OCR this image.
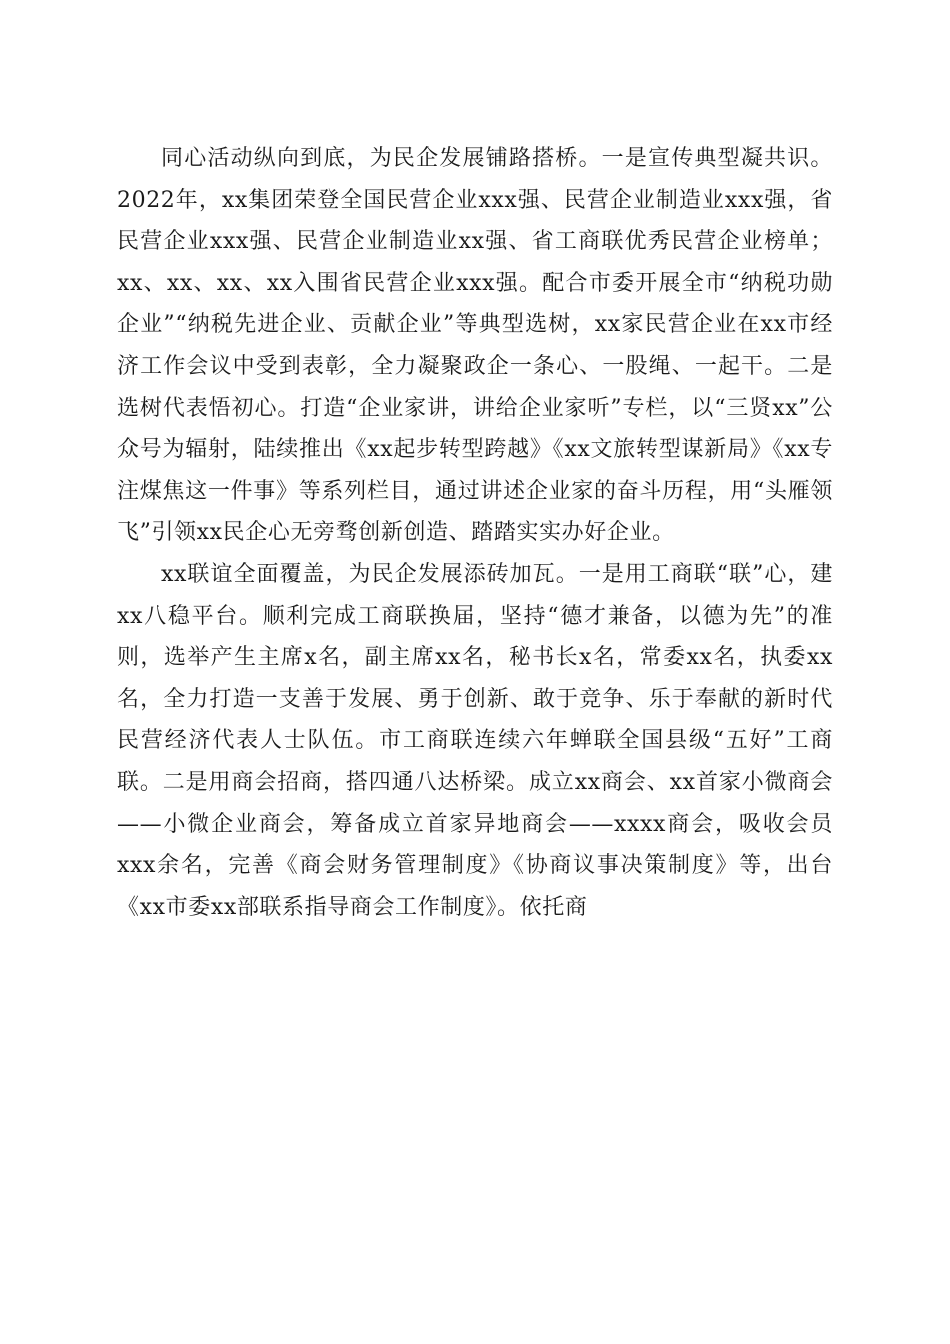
同心活动纵向到底，为民企发展铺路搭桥。一是宣传典型凝共识。2022年，xx集团荣登全国民营企业xxx强、民营企业制造业xxx强，省民营企业xxx强、民营企业制造业xx强、省工商联优秀民营企业榜单；xx、xx、xx、xx入围省民营企业xxx强。配合市委开展全市“纳税功勋企业”“纳税先进企业、贡献企业”等典型选树，xx家民营企业在xx市经济工作会议中受到表彰，全力凝聚政企一条心、一股绳、一起干。二是选树代表悟初心。打造“企业家讲，讲给企业家听”专栏，以“三贤xx”公众号为辐射，陆续推出《xx起步转型跨越》《xx文旅转型谋新局》《xx专注煤焦这一件事》等系列栏目，通过讲述企业家的奋斗历程，用“头雁领飞”引领xx民企心无旁骛创新创造、踏踏实实办好企业。

xx联谊全面覆盖，为民企发展添砖加瓦。一是用工商联“联”心，建xx八稳平台。顺利完成工商联换届，坚持“德才兼备，以德为先”的准则，选举产生主席x名，副主席xx名，秘书长x名，常委xx名，执委xx名，全力打造一支善于发展、勇于创新、敢于竞争、乐于奉献的新时代民营经济代表人士队伍。市工商联连续六年蝉联全国县级“五好”工商联。二是用商会招商，搭四通八达桥梁。成立xx商会、xx首家小微商会——小微企业商会，筹备成立首家异地商会——xxxx商会，吸收会员xxx余名，完善《商会财务管理制度》《协商议事决策制度》等，出台《xx市委xx部联系指导商会工作制度》。依托商
